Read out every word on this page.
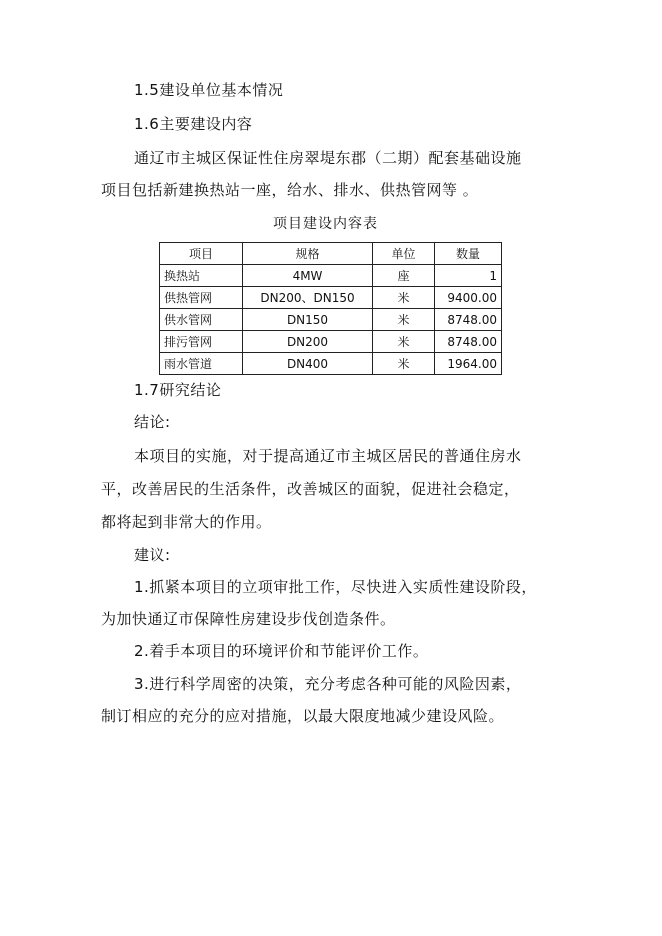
1.5建设单位基本情况
1.6主要建设内容
通辽市主城区保证性住房翠堤东郡（二期）配套基础设施
项目包括新建换热站一座，给水、排水、供热管网等 。
项目建设内容表
项目	规格	单位	数量
换热站	4MW	座	1
供热管网	DN200、DN150	米	9400.00
供水管网	DN150	米	8748.00
排污管网	DN200	米	8748.00
雨水管道	DN400	米	1964.00
1.7研究结论
结论:
本项目的实施，对于提高通辽市主城区居民的普通住房水
平，改善居民的生活条件，改善城区的面貌，促进社会稳定，
都将起到非常大的作用。
建议:
1.抓紧本项目的立项审批工作，尽快进入实质性建设阶段，
为加快通辽市保障性房建设步伐创造条件。
2.着手本项目的环境评价和节能评价工作。
3.进行科学周密的决策，充分考虑各种可能的风险因素，
制订相应的充分的应对措施，以最大限度地减少建设风险。
